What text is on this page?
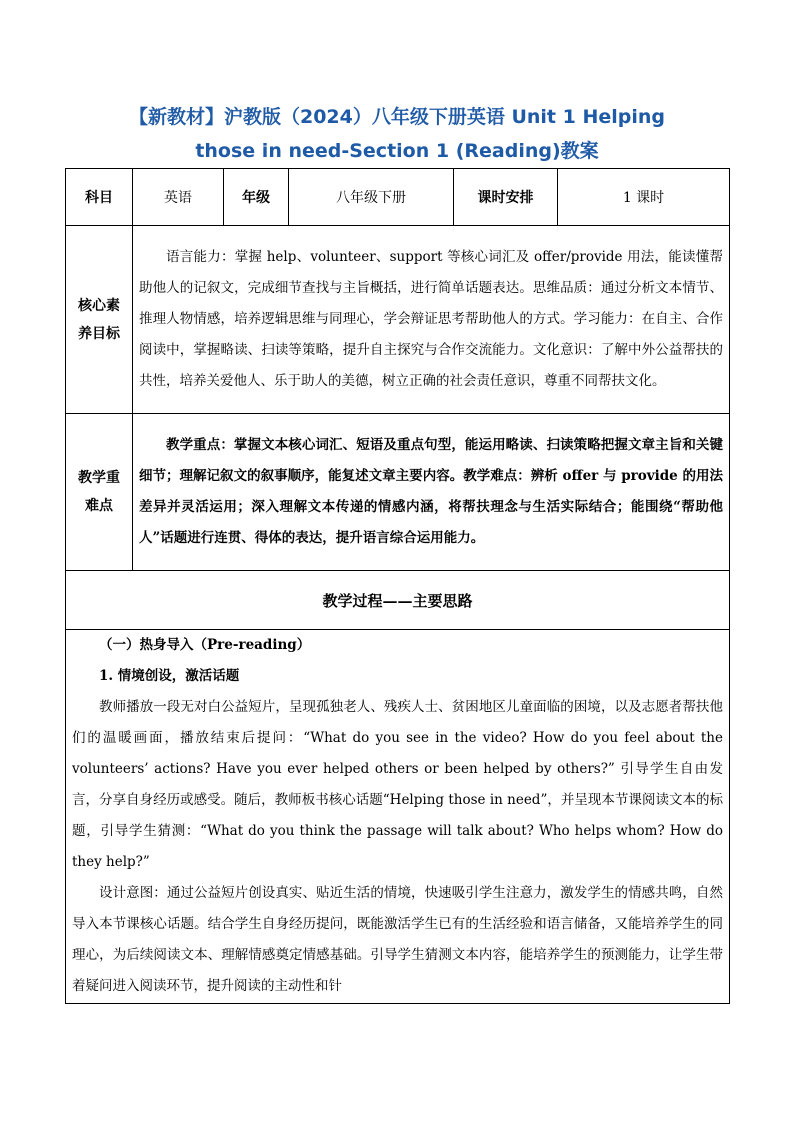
【新教材】沪教版（2024）八年级下册英语 Unit 1 Helping
those in need-Section 1 (Reading)教案
科目	英语	年级	八年级下册	课时安排	1 课时

核心素
养目标	语言能力：掌握 help、volunteer、support 等核心词汇及 offer/provide 用法，能读懂帮助他人的记叙文，完成细节查找与主旨概括，进行简单话题表达。思维品质：通过分析文本情节、推理人物情感，培养逻辑思维与同理心，学会辩证思考帮助他人的方式。学习能力：在自主、合作阅读中，掌握略读、扫读等策略，提升自主探究与合作交流能力。文化意识：了解中外公益帮扶的共性，培养关爱他人、乐于助人的美德，树立正确的社会责任意识，尊重不同帮扶文化。				

教学重
难点	教学重点：掌握文本核心词汇、短语及重点句型，能运用略读、扫读策略把握文章主旨和关键细节；理解记叙文的叙事顺序，能复述文章主要内容。教学难点：辨析 offer 与 provide 的用法差异并灵活运用；深入理解文本传递的情感内涵，将帮扶理念与生活实际结合；能围绕“帮助他人”话题进行连贯、得体的表达，提升语言综合运用能力。				

教学过程——主要思路					

（一）热身导入（Pre-reading）

1. 情境创设，激活话题

教师播放一段无对白公益短片，呈现孤独老人、残疾人士、贫困地区儿童面临的困境，以及志愿者帮扶他们的温暖画面，播放结束后提问：“What do you see in the video? How do you feel about the volunteers’ actions? Have you ever helped others or been helped by others?” 引导学生自由发言，分享自身经历或感受。随后，教师板书核心话题“Helping those in need”，并呈现本节课阅读文本的标题，引导学生猜测：“What do you think the passage will talk about? Who helps whom? How do they help?”

设计意图：通过公益短片创设真实、贴近生活的情境，快速吸引学生注意力，激发学生的情感共鸣，自然导入本节课核心话题。结合学生自身经历提问，既能激活学生已有的生活经验和语言储备，又能培养学生的同理心，为后续阅读文本、理解情感奠定情感基础。引导学生猜测文本内容，能培养学生的预测能力，让学生带着疑问进入阅读环节，提升阅读的主动性和针					
